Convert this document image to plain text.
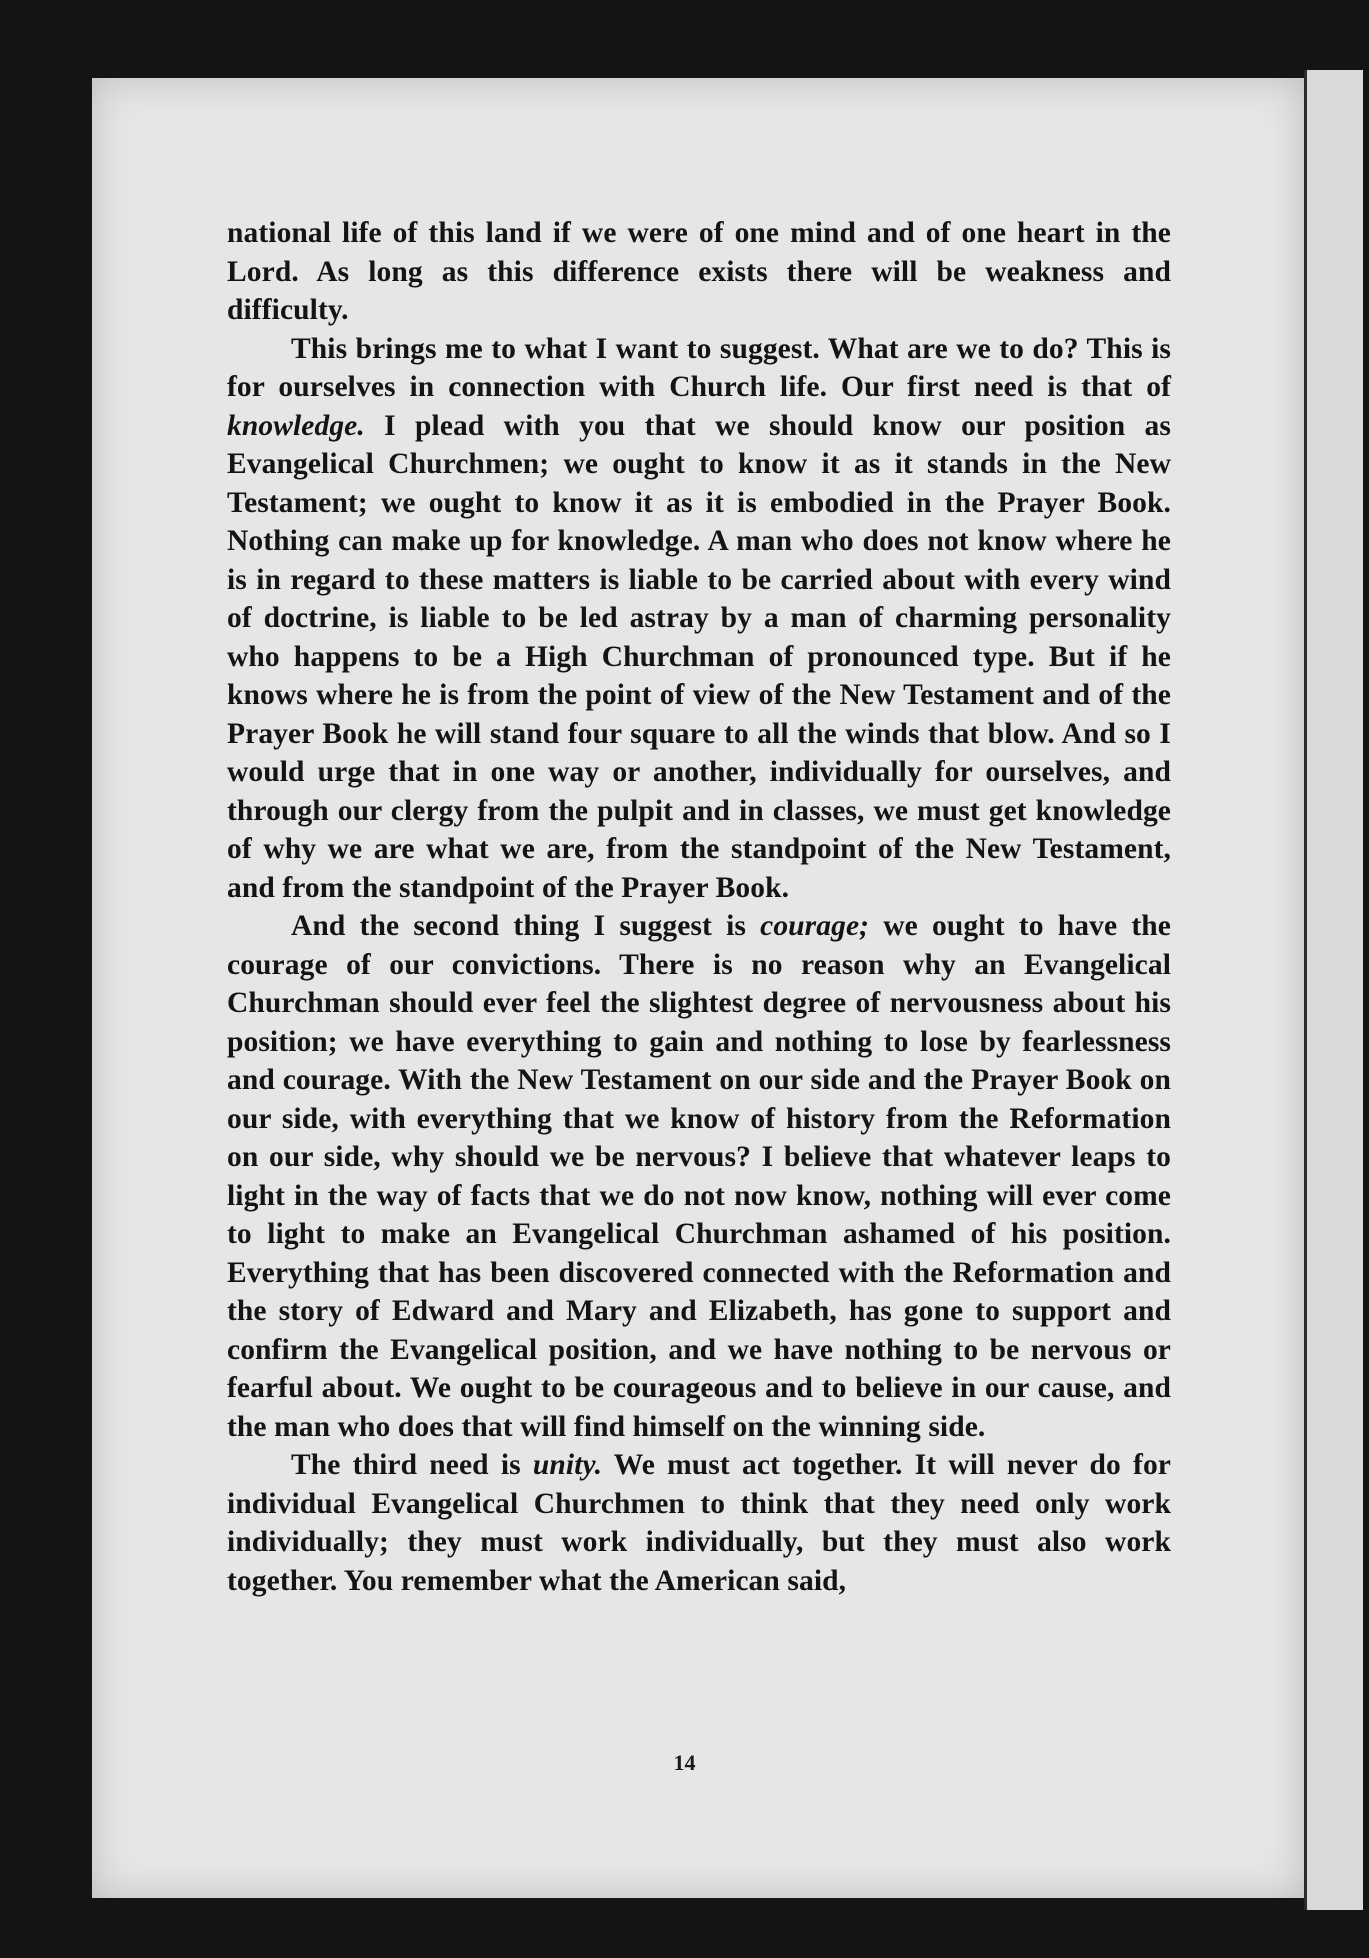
national life of this land if we were of one mind and of one heart in the Lord. As long as this difference exists there will be weakness and difficulty.

This brings me to what I want to suggest. What are we to do? This is for ourselves in connection with Church life. Our first need is that of knowledge. I plead with you that we should know our position as Evangelical Churchmen; we ought to know it as it stands in the New Testament; we ought to know it as it is embodied in the Prayer Book. Nothing can make up for knowledge. A man who does not know where he is in regard to these matters is liable to be carried about with every wind of doctrine, is liable to be led astray by a man of charming personality who happens to be a High Churchman of pronounced type. But if he knows where he is from the point of view of the New Testament and of the Prayer Book he will stand four square to all the winds that blow. And so I would urge that in one way or another, individually for ourselves, and through our clergy from the pulpit and in classes, we must get knowledge of why we are what we are, from the standpoint of the New Testament, and from the standpoint of the Prayer Book.

And the second thing I suggest is courage; we ought to have the courage of our convictions. There is no reason why an Evangelical Churchman should ever feel the slightest degree of nervousness about his position; we have everything to gain and nothing to lose by fearlessness and courage. With the New Testament on our side and the Prayer Book on our side, with everything that we know of history from the Reformation on our side, why should we be nervous? I believe that whatever leaps to light in the way of facts that we do not now know, nothing will ever come to light to make an Evangelical Churchman ashamed of his position. Everything that has been discovered connected with the Reformation and the story of Edward and Mary and Elizabeth, has gone to support and confirm the Evangelical position, and we have nothing to be nervous or fearful about. We ought to be courageous and to believe in our cause, and the man who does that will find himself on the winning side.

The third need is unity. We must act together. It will never do for individual Evangelical Churchmen to think that they need only work individually; they must work individually, but they must also work together. You remember what the American said,

14
